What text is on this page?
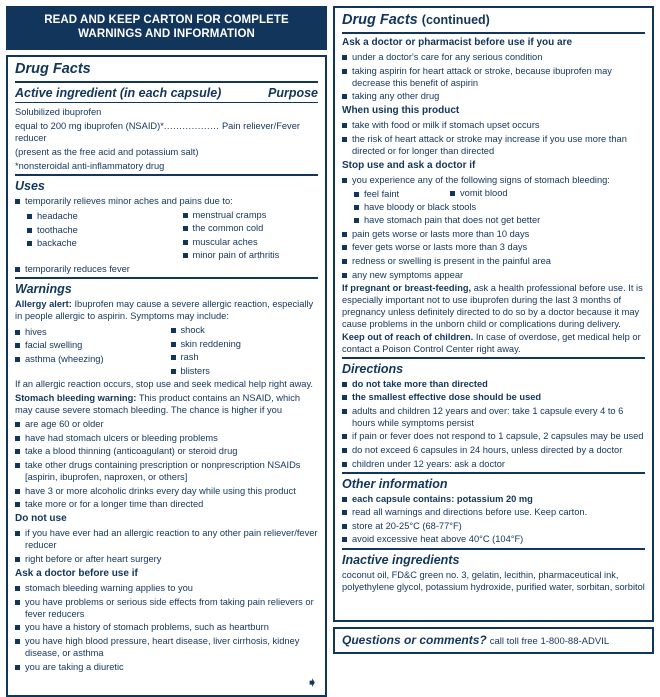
READ AND KEEP CARTON FOR COMPLETE
WARNINGS AND INFORMATION
Drug Facts
Active ingredient (in each capsule)	Purpose

Solubilized ibuprofen

equal to 200 mg ibuprofen (NSAID)*.................. Pain reliever/Fever reducer

(present as the free acid and potassium salt)

*nonsteroidal anti-inflammatory drug

Uses
temporarily relieves minor aches and pains due to:
headache
toothache
backache
menstrual cramps
the common cold
muscular aches
minor pain of arthritis
temporarily reduces fever
Warnings

Allergy alert: Ibuprofen may cause a severe allergic reaction, especially in people allergic to aspirin. Symptoms may include:

hives
facial swelling
asthma (wheezing)
shock
skin reddening
rash
blisters

If an allergic reaction occurs, stop use and seek medical help right away.

Stomach bleeding warning: This product contains an NSAID, which may cause severe stomach bleeding. The chance is higher if you

are age 60 or older
have had stomach ulcers or bleeding problems
take a blood thinning (anticoagulant) or steroid drug
take other drugs containing prescription or nonprescription NSAIDs [aspirin, ibuprofen, naproxen, or others]
have 3 or more alcoholic drinks every day while using this product
take more or for a longer time than directed
Do not use
if you have ever had an allergic reaction to any other pain reliever/fever reducer
right before or after heart surgery
Ask a doctor before use if
stomach bleeding warning applies to you
you have problems or serious side effects from taking pain relievers or fever reducers
you have a history of stomach problems, such as heartburn
you have high blood pressure, heart disease, liver cirrhosis, kidney disease, or asthma
you are taking a diuretic
➧
Drug Facts (continued)
Ask a doctor or pharmacist before use if you are
under a doctor's care for any serious condition
taking aspirin for heart attack or stroke, because ibuprofen may decrease this benefit of aspirin
taking any other drug
When using this product
take with food or milk if stomach upset occurs
the risk of heart attack or stroke may increase if you use more than directed or for longer than directed
Stop use and ask a doctor if
you experience any of the following signs of stomach bleeding:
feel faint	vomit blood
have bloody or black stools
have stomach pain that does not get better
pain gets worse or lasts more than 10 days
fever gets worse or lasts more than 3 days
redness or swelling is present in the painful area
any new symptoms appear

If pregnant or breast-feeding, ask a health professional before use. It is especially important not to use ibuprofen during the last 3 months of pregnancy unless definitely directed to do so by a doctor because it may cause problems in the unborn child or complications during delivery. Keep out of reach of children. In case of overdose, get medical help or contact a Poison Control Center right away.

Directions
do not take more than directed
the smallest effective dose should be used
adults and children 12 years and over: take 1 capsule every 4 to 6 hours while symptoms persist
if pain or fever does not respond to 1 capsule, 2 capsules may be used
do not exceed 6 capsules in 24 hours, unless directed by a doctor
children under 12 years: ask a doctor
Other information
each capsule contains: potassium 20 mg
read all warnings and directions before use. Keep carton.
store at 20-25°C (68-77°F)
avoid excessive heat above 40°C (104°F)
Inactive ingredients

coconut oil, FD&C green no. 3, gelatin, lecithin, pharmaceutical ink, polyethylene glycol, potassium hydroxide, purified water, sorbitan, sorbitol

Questions or comments? call toll free 1-800-88-ADVIL
